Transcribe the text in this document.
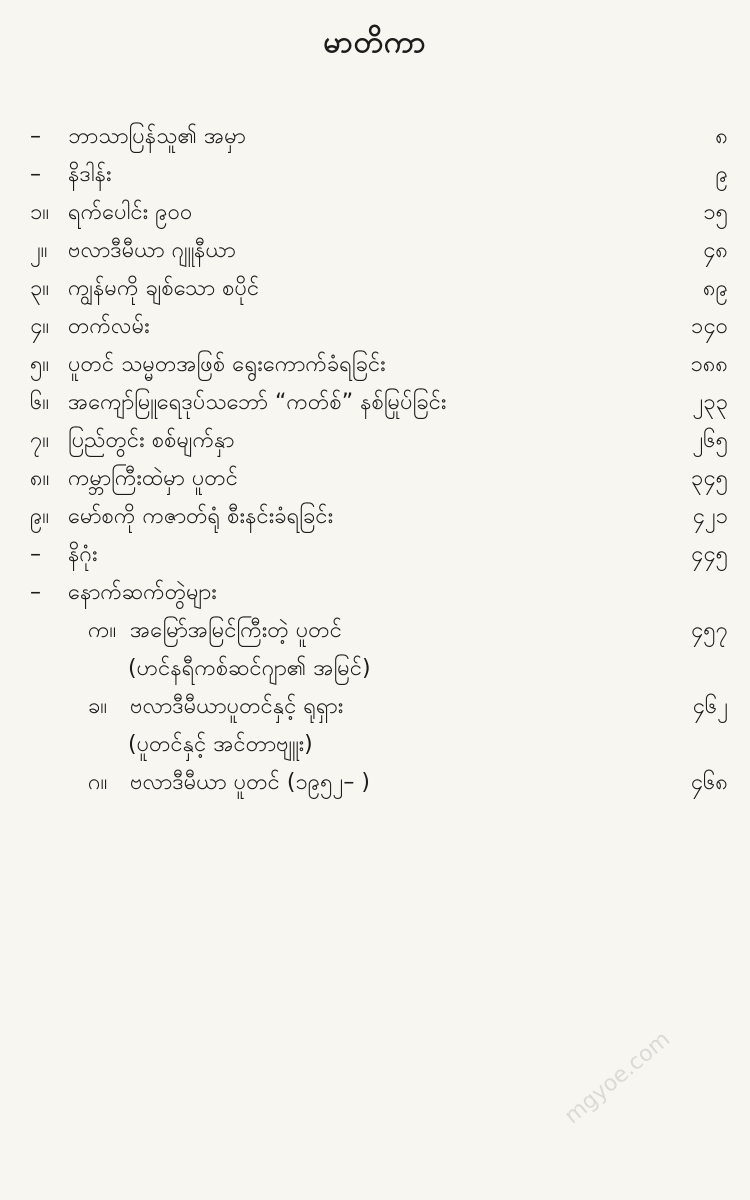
မာတိကာ
–	ဘာသာပြန်သူ၏ အမှာ	၈
–	နိဒါန်း	၉
၁။ ရက်ပေါင်း ၉၀၀	၁၅
၂။ ဗလာဒီမီယာ ဂျူနီယာ	၄၈
၃။ ကျွန်မကို ချစ်သော စပိုင်	၈၉
၄။ တက်လမ်း	၁၄၀
၅။ ပူတင် သမ္မတအဖြစ် ရွေးကောက်ခံရခြင်း	၁၈၈
၆။ အကျော်မြူရေဒုပ်သဘော် “ကတ်စ်” နစ်မြုပ်ခြင်း	၂၃၃
၇။ ပြည်တွင်း စစ်မျက်နှာ	၂၆၅
၈။ ကမ္ဘာကြီးထဲမှာ ပူတင်	၃၄၅
၉။ မော်စကို ကဇာတ်ရုံ စီးနင်းခံရခြင်း	၄၂၁
–	နိဂုံး	၄၄၅
–	နောက်ဆက်တွဲများ
က။ အမြော်အမြင်ကြီးတဲ့ ပူတင်	၄၅၇
(ဟင်နရီကစ်ဆင်ဂျာ၏ အမြင်)
ခ။	ဗလာဒီမီယာပူတင်နှင့် ရုရှား	၄၆၂
(ပူတင်နှင့် အင်တာဗျူး)
ဂ။	ဗလာဒီမီယာ ပူတင် (၁၉၅၂– )	၄၆၈
mgyoe.com
